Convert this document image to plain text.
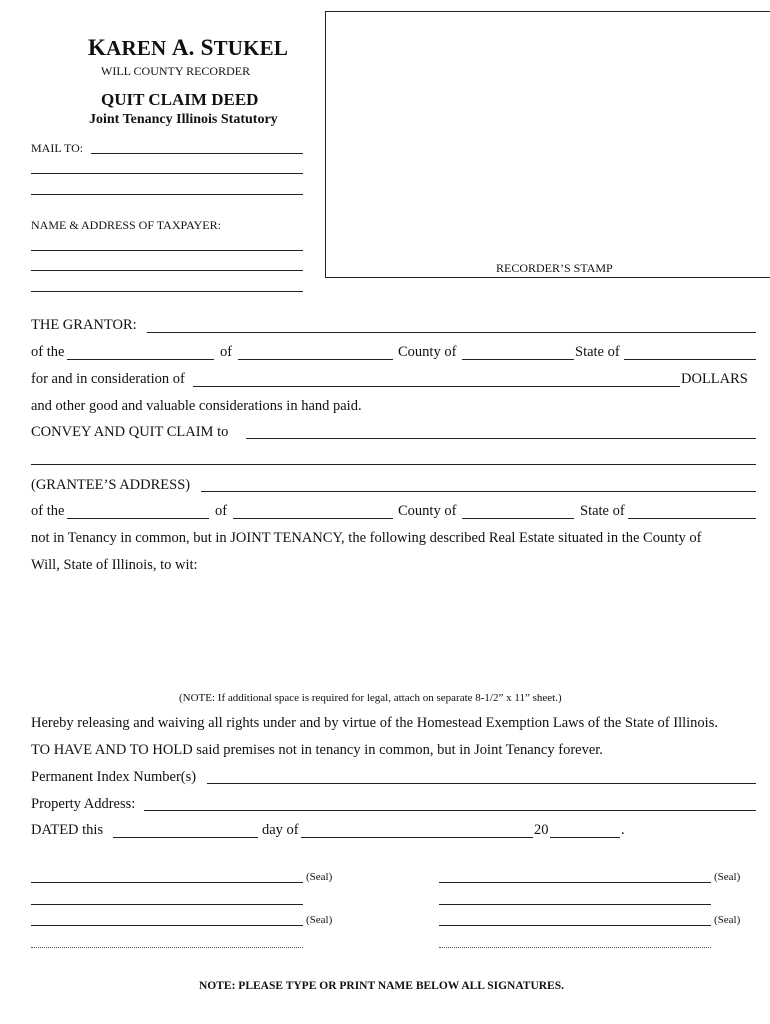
KAREN A. STUKEL
WILL COUNTY RECORDER
QUIT CLAIM DEED
Joint Tenancy Illinois Statutory
MAIL TO:
NAME & ADDRESS OF TAXPAYER:
RECORDER’S STAMP
THE GRANTOR:
of the	of	County of	State of
for and in consideration of	DOLLARS
and other good and valuable considerations in hand paid.
CONVEY AND QUIT CLAIM to
(GRANTEE’S ADDRESS)
of the	of	County of	State of
not in Tenancy in common, but in JOINT TENANCY, the following described Real Estate situated in the County of
Will, State of Illinois, to wit:
(NOTE: If additional space is required for legal, attach on separate 8-1/2” x 11” sheet.)
Hereby releasing and waiving all rights under and by virtue of the Homestead Exemption Laws of the State of Illinois.
TO HAVE AND TO HOLD said premises not in tenancy in common, but in Joint Tenancy forever.
Permanent Index Number(s)
Property Address:
DATED this	day of	20	.
(Seal)
(Seal)
(Seal)
(Seal)
NOTE: PLEASE TYPE OR PRINT NAME BELOW ALL SIGNATURES.
